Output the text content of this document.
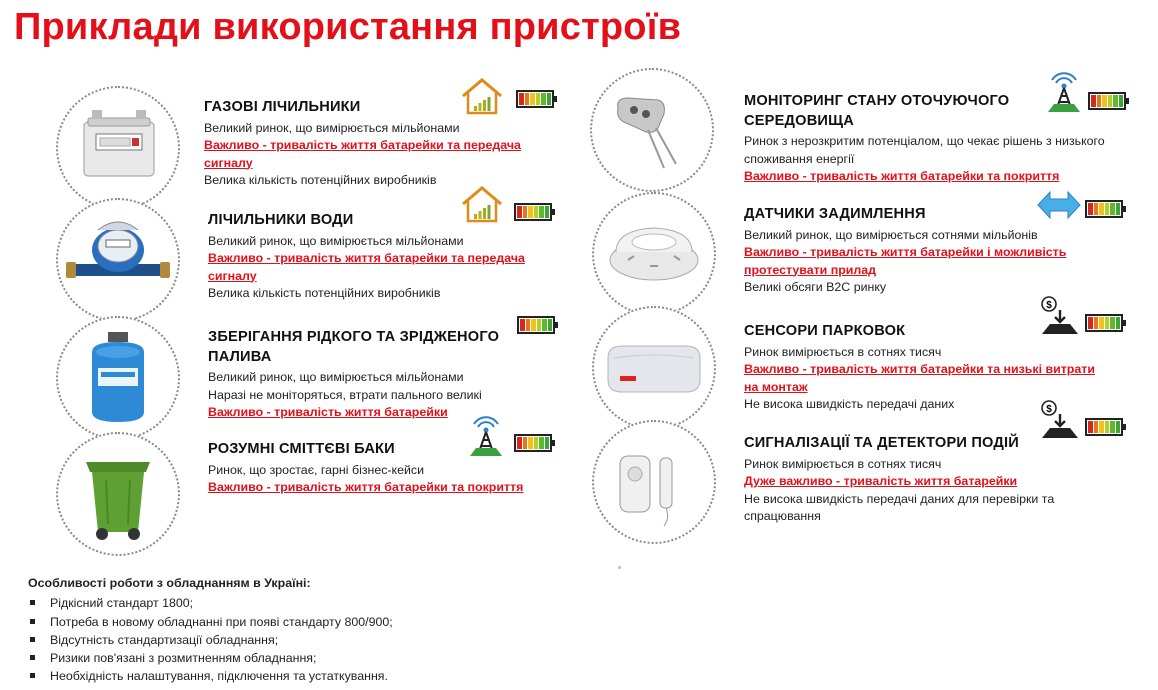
Приклади використання пристроїв
ГАЗОВІ ЛІЧИЛЬНИКИ

Великий ринок, що вимірюється мільйонами

Важливо - тривалість життя батарейки та передача сигналу

Велика кількість потенційних виробників

ЛІЧИЛЬНИКИ ВОДИ

Великий ринок, що вимірюється мільйонами

Важливо - тривалість життя батарейки та передача сигналу

Велика кількість потенційних виробників

ЗБЕРІГАННЯ РІДКОГО ТА ЗРІДЖЕНОГО ПАЛИВА

Великий ринок, що вимірюється мільйонами

Наразі не моніторяться, втрати пального великі

Важливо - тривалість життя батарейки

РОЗУМНІ СМІТТЄВІ БАКИ

Ринок, що зростає, гарні бізнес-кейси

Важливо - тривалість життя батарейки та покриття

МОНІТОРИНГ СТАНУ ОТОЧУЮЧОГО СЕРЕДОВИЩА

Ринок з нерозкритим потенціалом, що чекає рішень з низького споживання енергії

Важливо - тривалість життя батарейки та покриття

ДАТЧИКИ ЗАДИМЛЕННЯ

Великий ринок, що вимірюється сотнями мільйонів

Важливо - тривалість життя батарейки і можливість протестувати прилад

Великі обсяги B2C ринку

$
СЕНСОРИ ПАРКОВОК

Ринок вимірюється в сотнях тисяч

Важливо - тривалість життя батарейки та низькі витрати на монтаж

Не висока швидкість передачі даних	$
СИГНАЛІЗАЦІЇ ТА ДЕТЕКТОРИ ПОДІЙ

Ринок вимірюється в сотнях тисяч

Дуже важливо - тривалість життя батарейки

Не висока швидкість передачі даних для перевірки та спрацювання

Особливості роботи з обладнанням в Україні:
Рідкісний стандарт 1800;
Потреба в новому обладнанні при появі стандарту 800/900;
Відсутність стандартизації обладнання;
Ризики пов'язані з розмитненням обладнання;
Необхідність налаштування, підключення та устаткування.
